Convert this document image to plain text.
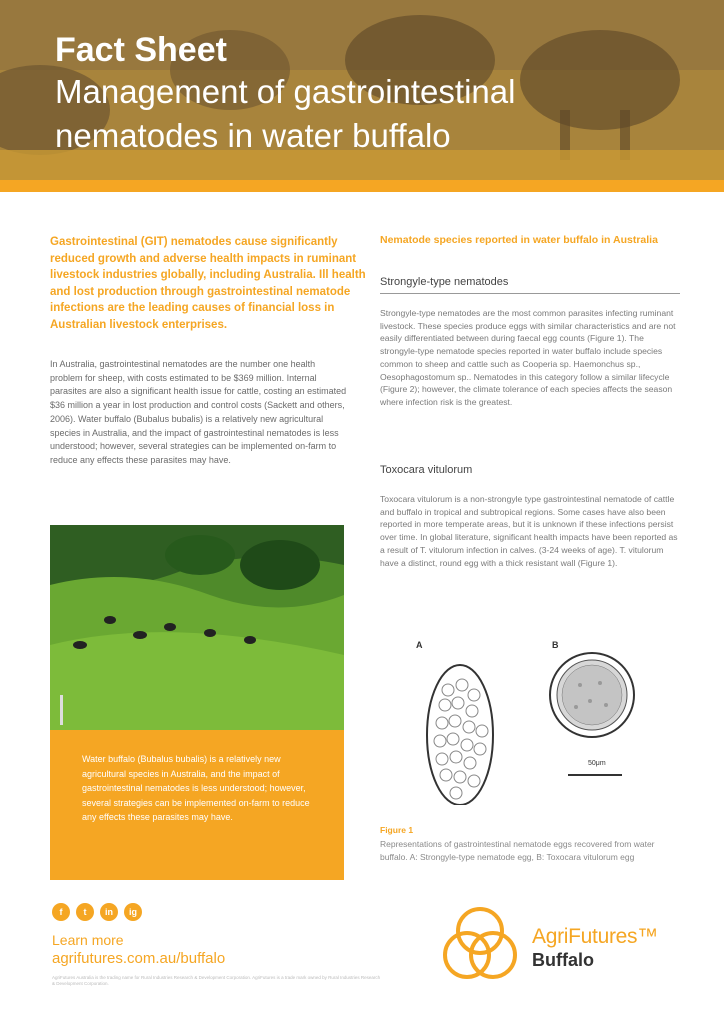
Fact Sheet
Management of gastrointestinal nematodes in water buffalo
Gastrointestinal (GIT) nematodes cause significantly reduced growth and adverse health impacts in ruminant livestock industries globally, including Australia. Ill health and lost production through gastrointestinal nematode infections are the leading causes of financial loss in Australian livestock enterprises.
In Australia, gastrointestinal nematodes are the number one health problem for sheep, with costs estimated to be $369 million. Internal parasites are also a significant health issue for cattle, costing an estimated $36 million a year in lost production and control costs (Sackett and others, 2006). Water buffalo (Bubalus bubalis) is a relatively new agricultural species in Australia, and the impact of gastrointestinal nematodes is less understood; however, several strategies can be implemented on-farm to reduce any effects these parasites may have.
Water buffalo (Bubalus bubalis) is a relatively new agricultural species in Australia, and the impact of gastrointestinal nematodes is less understood; however, several strategies can be implemented on-farm to reduce any effects these parasites may have.
Nematode species reported in water buffalo in Australia
Strongyle-type nematodes
Strongyle-type nematodes are the most common parasites infecting ruminant livestock. These species produce eggs with similar characteristics and are not easily differentiated between during faecal egg counts (Figure 1). The strongyle-type nematode species reported in water buffalo include species common to sheep and cattle such as Cooperia sp. Haemonchus sp., Oesophagostomum sp.. Nematodes in this category follow a similar lifecycle (Figure 2); however, the climate tolerance of each species affects the season where infection risk is the greatest.
Toxocara vitulorum
Toxocara vitulorum is a non-strongyle type gastrointestinal nematode of cattle and buffalo in tropical and subtropical regions. Some cases have also been reported in more temperate areas, but it is unknown if these infections persist over time. In global literature, significant health impacts have been reported as a result of T. vitulorum infection in calves. (3-24 weeks of age). T. vitulorum have a distinct, round egg with a thick resistant wall (Figure 1).
A	B
50μm
Figure 1
Representations of gastrointestinal nematode eggs recovered from water buffalo. A: Strongyle-type nematode egg, B: Toxocara vitulorum egg
f	t	in	ig
Learn more
agrifutures.com.au/buffalo
AgriFutures Australia is the trading name for Rural Industries Research & Development Corporation. AgriFutures is a trade mark owned by Rural Industries Research & Development Corporation.
AgriFutures™
Buffalo
